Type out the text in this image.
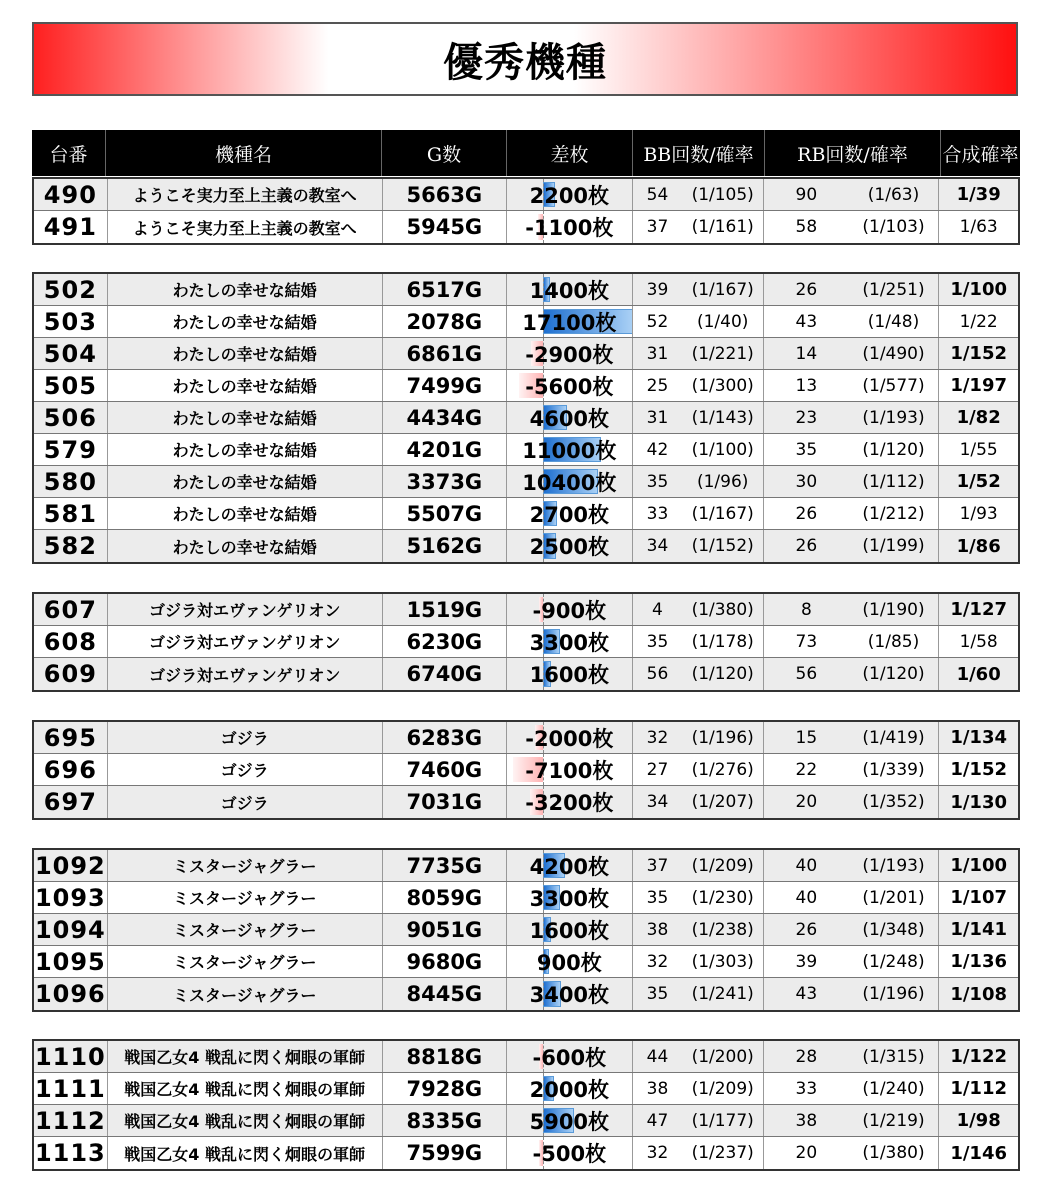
優秀機種
台番	機種名	G数	差枚	BB回数/確率	RB回数/確率	合成確率
490	ようこそ実力至上主義の教室へ	5663G	2200枚	54	(1/105)	90	(1/63)	1/39
491	ようこそ実力至上主義の教室へ	5945G	-1100枚	37	(1/161)	58	(1/103)	1/63
502	わたしの幸せな結婚	6517G	1400枚	39	(1/167)	26	(1/251)	1/100
503	わたしの幸せな結婚	2078G	17100枚	52	(1/40)	43	(1/48)	1/22
504	わたしの幸せな結婚	6861G	-2900枚	31	(1/221)	14	(1/490)	1/152
505	わたしの幸せな結婚	7499G	-5600枚	25	(1/300)	13	(1/577)	1/197
506	わたしの幸せな結婚	4434G	4600枚	31	(1/143)	23	(1/193)	1/82
579	わたしの幸せな結婚	4201G	11000枚	42	(1/100)	35	(1/120)	1/55
580	わたしの幸せな結婚	3373G	10400枚	35	(1/96)	30	(1/112)	1/52
581	わたしの幸せな結婚	5507G	2700枚	33	(1/167)	26	(1/212)	1/93
582	わたしの幸せな結婚	5162G	2500枚	34	(1/152)	26	(1/199)	1/86
607	ゴジラ対エヴァンゲリオン	1519G	-900枚	4	(1/380)	8	(1/190)	1/127
608	ゴジラ対エヴァンゲリオン	6230G	3300枚	35	(1/178)	73	(1/85)	1/58
609	ゴジラ対エヴァンゲリオン	6740G	1600枚	56	(1/120)	56	(1/120)	1/60
695	ゴジラ	6283G	-2000枚	32	(1/196)	15	(1/419)	1/134
696	ゴジラ	7460G	-7100枚	27	(1/276)	22	(1/339)	1/152
697	ゴジラ	7031G	-3200枚	34	(1/207)	20	(1/352)	1/130
1092	ミスタージャグラー	7735G	4200枚	37	(1/209)	40	(1/193)	1/100
1093	ミスタージャグラー	8059G	3300枚	35	(1/230)	40	(1/201)	1/107
1094	ミスタージャグラー	9051G	1600枚	38	(1/238)	26	(1/348)	1/141
1095	ミスタージャグラー	9680G	900枚	32	(1/303)	39	(1/248)	1/136
1096	ミスタージャグラー	8445G	3400枚	35	(1/241)	43	(1/196)	1/108
1110	戦国乙女4 戦乱に閃く炯眼の軍師	8818G	-600枚	44	(1/200)	28	(1/315)	1/122
1111	戦国乙女4 戦乱に閃く炯眼の軍師	7928G	2000枚	38	(1/209)	33	(1/240)	1/112
1112	戦国乙女4 戦乱に閃く炯眼の軍師	8335G	5900枚	47	(1/177)	38	(1/219)	1/98
1113	戦国乙女4 戦乱に閃く炯眼の軍師	7599G	-500枚	32	(1/237)	20	(1/380)	1/146
